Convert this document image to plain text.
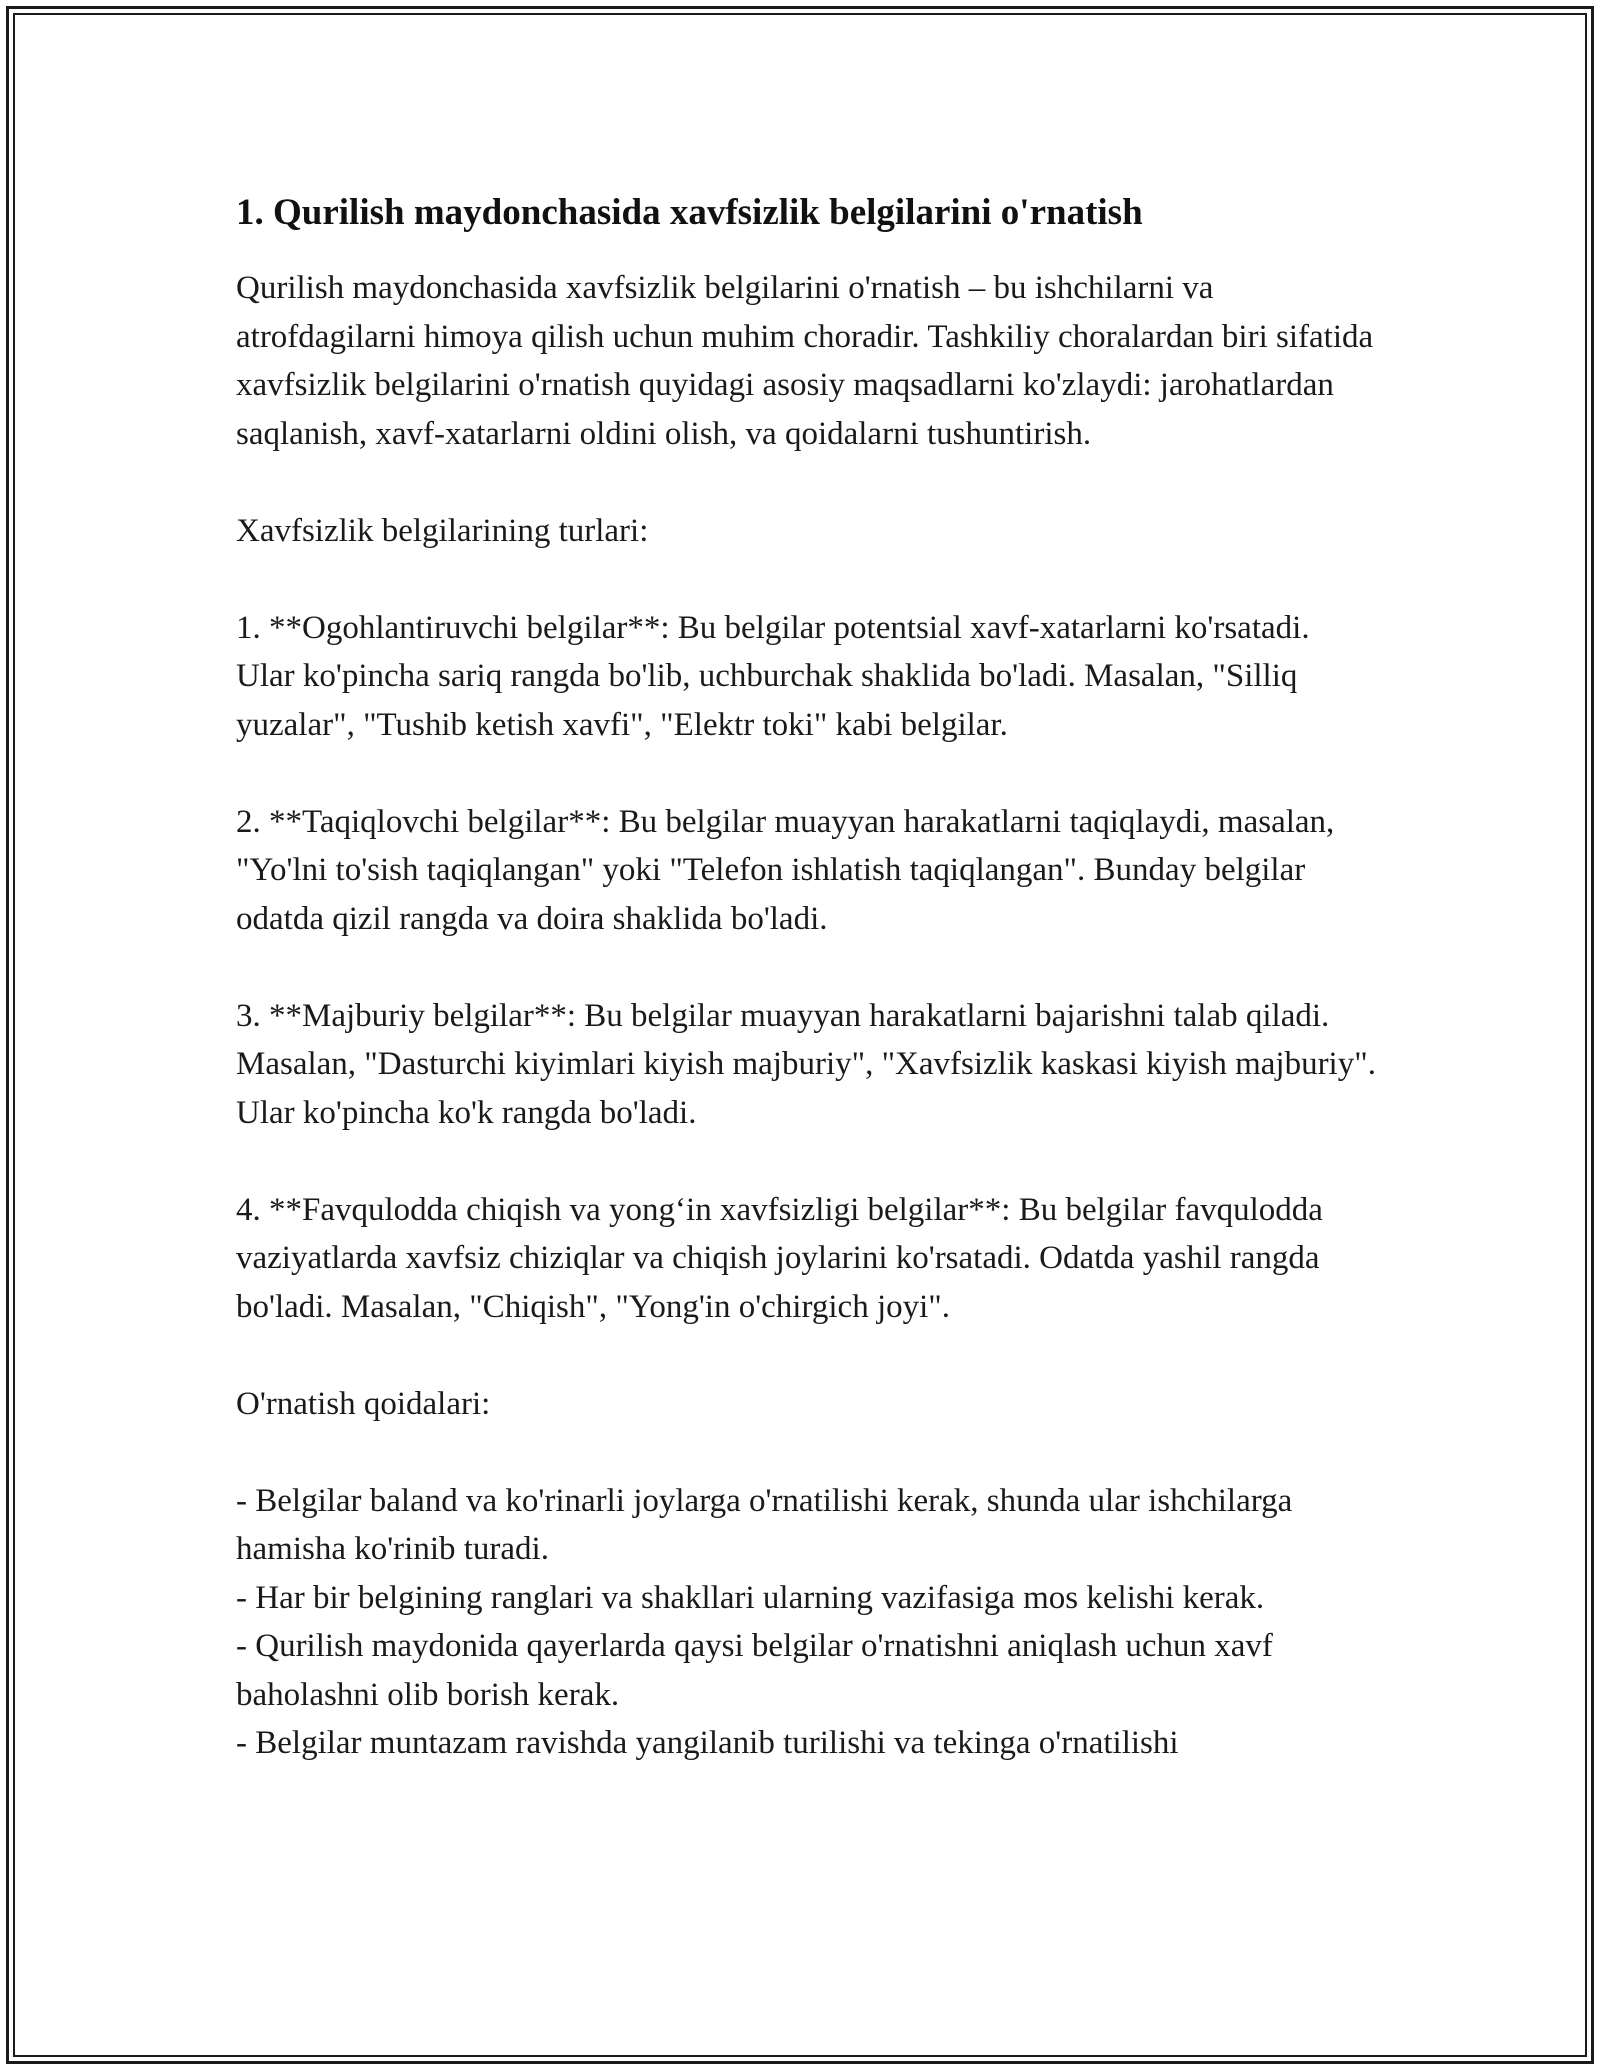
1. Qurilish maydonchasida xavfsizlik belgilarini o'rnatish

Qurilish maydonchasida xavfsizlik belgilarini o'rnatish – bu ishchilarni va atrofdagilarni himoya qilish uchun muhim choradir. Tashkiliy choralardan biri sifatida xavfsizlik belgilarini o'rnatish quyidagi asosiy maqsadlarni ko'zlaydi: jarohatlardan saqlanish, xavf-xatarlarni oldini olish, va qoidalarni tushuntirish.

Xavfsizlik belgilarining turlari:

1. **Ogohlantiruvchi belgilar**: Bu belgilar potentsial xavf-xatarlarni ko'rsatadi. Ular ko'pincha sariq rangda bo'lib, uchburchak shaklida bo'ladi. Masalan, "Silliq yuzalar", "Tushib ketish xavfi", "Elektr toki" kabi belgilar.

2. **Taqiqlovchi belgilar**: Bu belgilar muayyan harakatlarni taqiqlaydi, masalan, "Yo'lni to'sish taqiqlangan" yoki "Telefon ishlatish taqiqlangan". Bunday belgilar odatda qizil rangda va doira shaklida bo'ladi.

3. **Majburiy belgilar**: Bu belgilar muayyan harakatlarni bajarishni talab qiladi. Masalan, "Dasturchi kiyimlari kiyish majburiy", "Xavfsizlik kaskasi kiyish majburiy". Ular ko'pincha ko'k rangda bo'ladi.

4. **Favqulodda chiqish va yong‘in xavfsizligi belgilar**: Bu belgilar favqulodda vaziyatlarda xavfsiz chiziqlar va chiqish joylarini ko'rsatadi. Odatda yashil rangda bo'ladi. Masalan, "Chiqish", "Yong'in o'chirgich joyi".

O'rnatish qoidalari:

- Belgilar baland va ko'rinarli joylarga o'rnatilishi kerak, shunda ular ishchilarga hamisha ko'rinib turadi.

- Har bir belgining ranglari va shakllari ularning vazifasiga mos kelishi kerak.

- Qurilish maydonida qayerlarda qaysi belgilar o'rnatishni aniqlash uchun xavf baholashni olib borish kerak.

- Belgilar muntazam ravishda yangilanib turilishi va tekinga o'rnatilishi
